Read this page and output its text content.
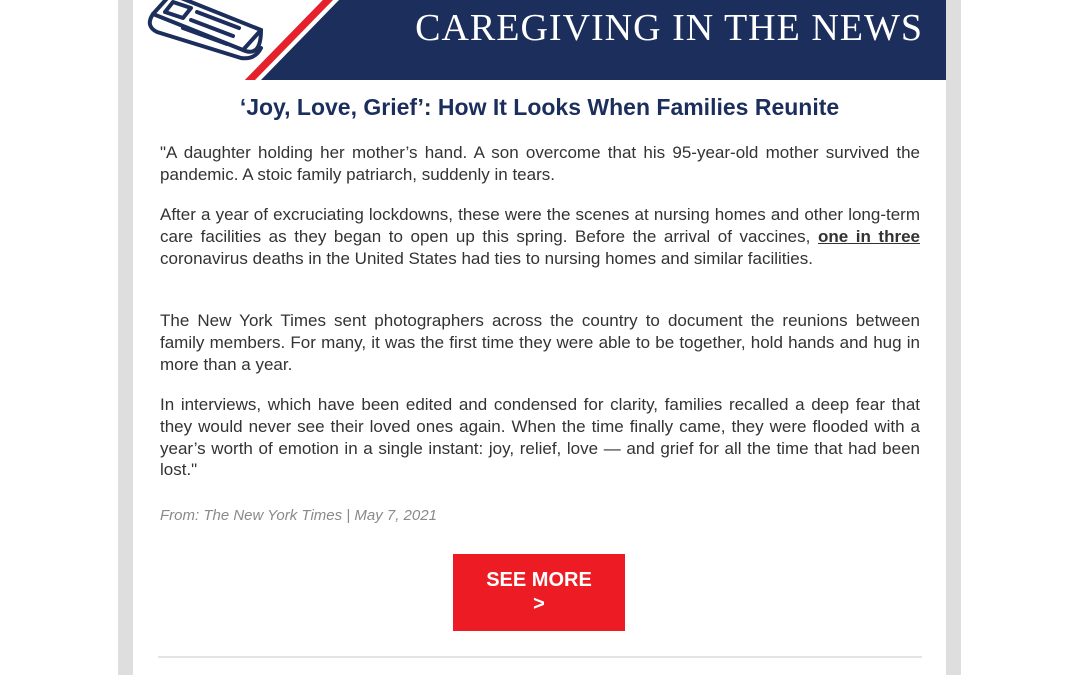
CAREGIVING IN THE NEWS
‘Joy, Love, Grief’: How It Looks When Families Reunite

"A daughter holding her mother’s hand. A son overcome that his 95-year-old mother survived the pandemic. A stoic family patriarch, suddenly in tears.

After a year of excruciating lockdowns, these were the scenes at nursing homes and other long-term care facilities as they began to open up this spring. Before the arrival of vaccines, one in three coronavirus deaths in the United States had ties to nursing homes and similar facilities.

The New York Times sent photographers across the country to document the reunions between family members. For many, it was the first time they were able to be together, hold hands and hug in more than a year.

In interviews, which have been edited and condensed for clarity, families recalled a deep fear that they would never see their loved ones again. When the time finally came, they were flooded with a year’s worth of emotion in a single instant: joy, relief, love — and grief for all the time that had been lost."

From: The New York Times | May 7, 2021
SEE MORE
>
